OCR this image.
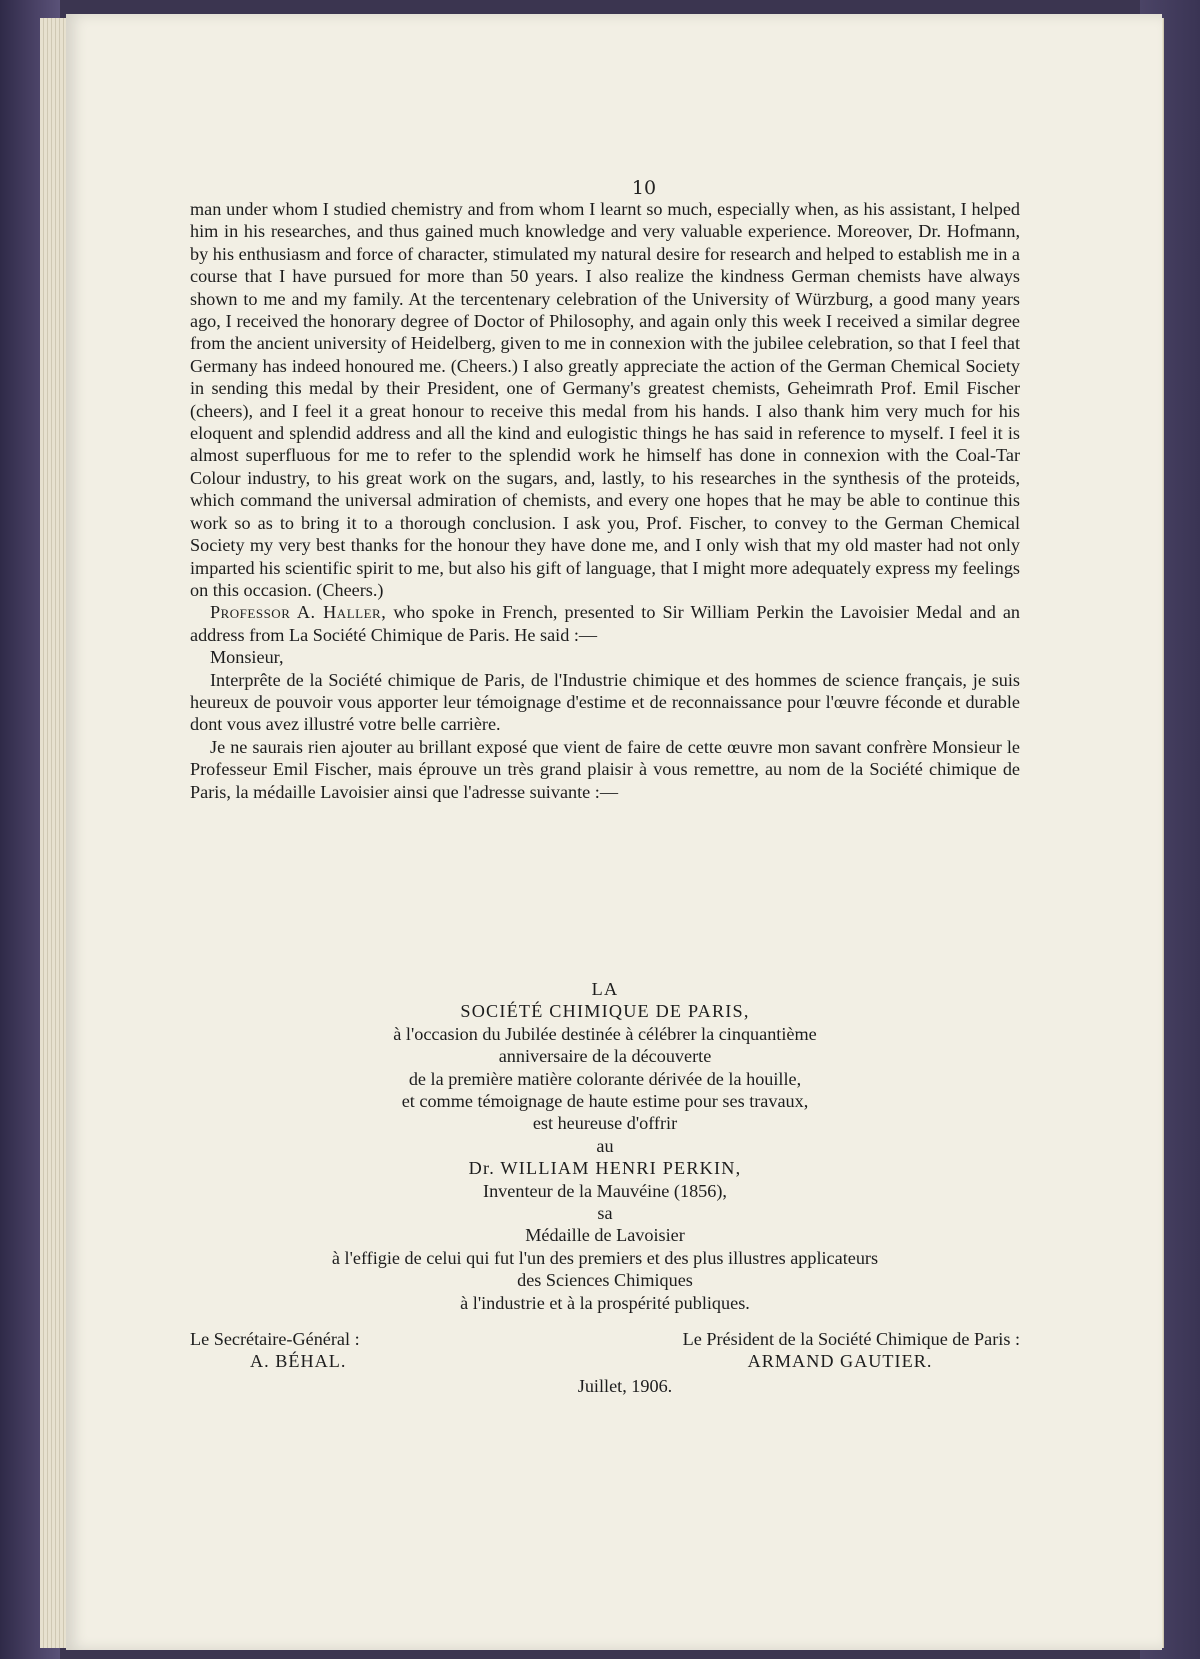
10

man under whom I studied chemistry and from whom I learnt so much, especially when, as his assistant, I helped him in his researches, and thus gained much knowledge and very valuable experience. Moreover, Dr. Hofmann, by his enthusiasm and force of character, stimulated my natural desire for research and helped to establish me in a course that I have pursued for more than 50 years. I also realize the kindness German chemists have always shown to me and my family. At the tercentenary celebration of the University of Würzburg, a good many years ago, I received the honorary degree of Doctor of Philosophy, and again only this week I received a similar degree from the ancient university of Heidelberg, given to me in connexion with the jubilee celebration, so that I feel that Germany has indeed honoured me. (Cheers.) I also greatly appreciate the action of the German Chemical Society in sending this medal by their President, one of Germany's greatest chemists, Geheimrath Prof. Emil Fischer (cheers), and I feel it a great honour to receive this medal from his hands. I also thank him very much for his eloquent and splendid address and all the kind and eulogistic things he has said in reference to myself. I feel it is almost superfluous for me to refer to the splendid work he himself has done in connexion with the Coal-Tar Colour industry, to his great work on the sugars, and, lastly, to his researches in the synthesis of the proteids, which command the universal admiration of chemists, and every one hopes that he may be able to continue this work so as to bring it to a thorough conclusion. I ask you, Prof. Fischer, to convey to the German Chemical Society my very best thanks for the honour they have done me, and I only wish that my old master had not only imparted his scientific spirit to me, but also his gift of language, that I might more adequately express my feelings on this occasion. (Cheers.)

Professor A. Haller, who spoke in French, presented to Sir William Perkin the Lavoisier Medal and an address from La Société Chimique de Paris. He said :—

Monsieur,

Interprête de la Société chimique de Paris, de l'Industrie chimique et des hommes de science français, je suis heureux de pouvoir vous apporter leur témoignage d'estime et de reconnaissance pour l'œuvre féconde et durable dont vous avez illustré votre belle carrière.

Je ne saurais rien ajouter au brillant exposé que vient de faire de cette œuvre mon savant confrère Monsieur le Professeur Emil Fischer, mais éprouve un très grand plaisir à vous remettre, au nom de la Société chimique de Paris, la médaille Lavoisier ainsi que l'adresse suivante :—

LA
SOCIÉTÉ CHIMIQUE DE PARIS,
à l'occasion du Jubilée destinée à célébrer la cinquantième
anniversaire de la découverte
de la première matière colorante dérivée de la houille,
et comme témoignage de haute estime pour ses travaux,
est heureuse d'offrir
au
Dr. WILLIAM HENRI PERKIN,
Inventeur de la Mauvéine (1856),
sa
Médaille de Lavoisier
à l'effigie de celui qui fut l'un des premiers et des plus illustres applicateurs
des Sciences Chimiques
à l'industrie et à la prospérité publiques.
Le Secrétaire-Général :
A. BÉHAL.
Le Président de la Société Chimique de Paris :
ARMAND GAUTIER.
Juillet, 1906.
